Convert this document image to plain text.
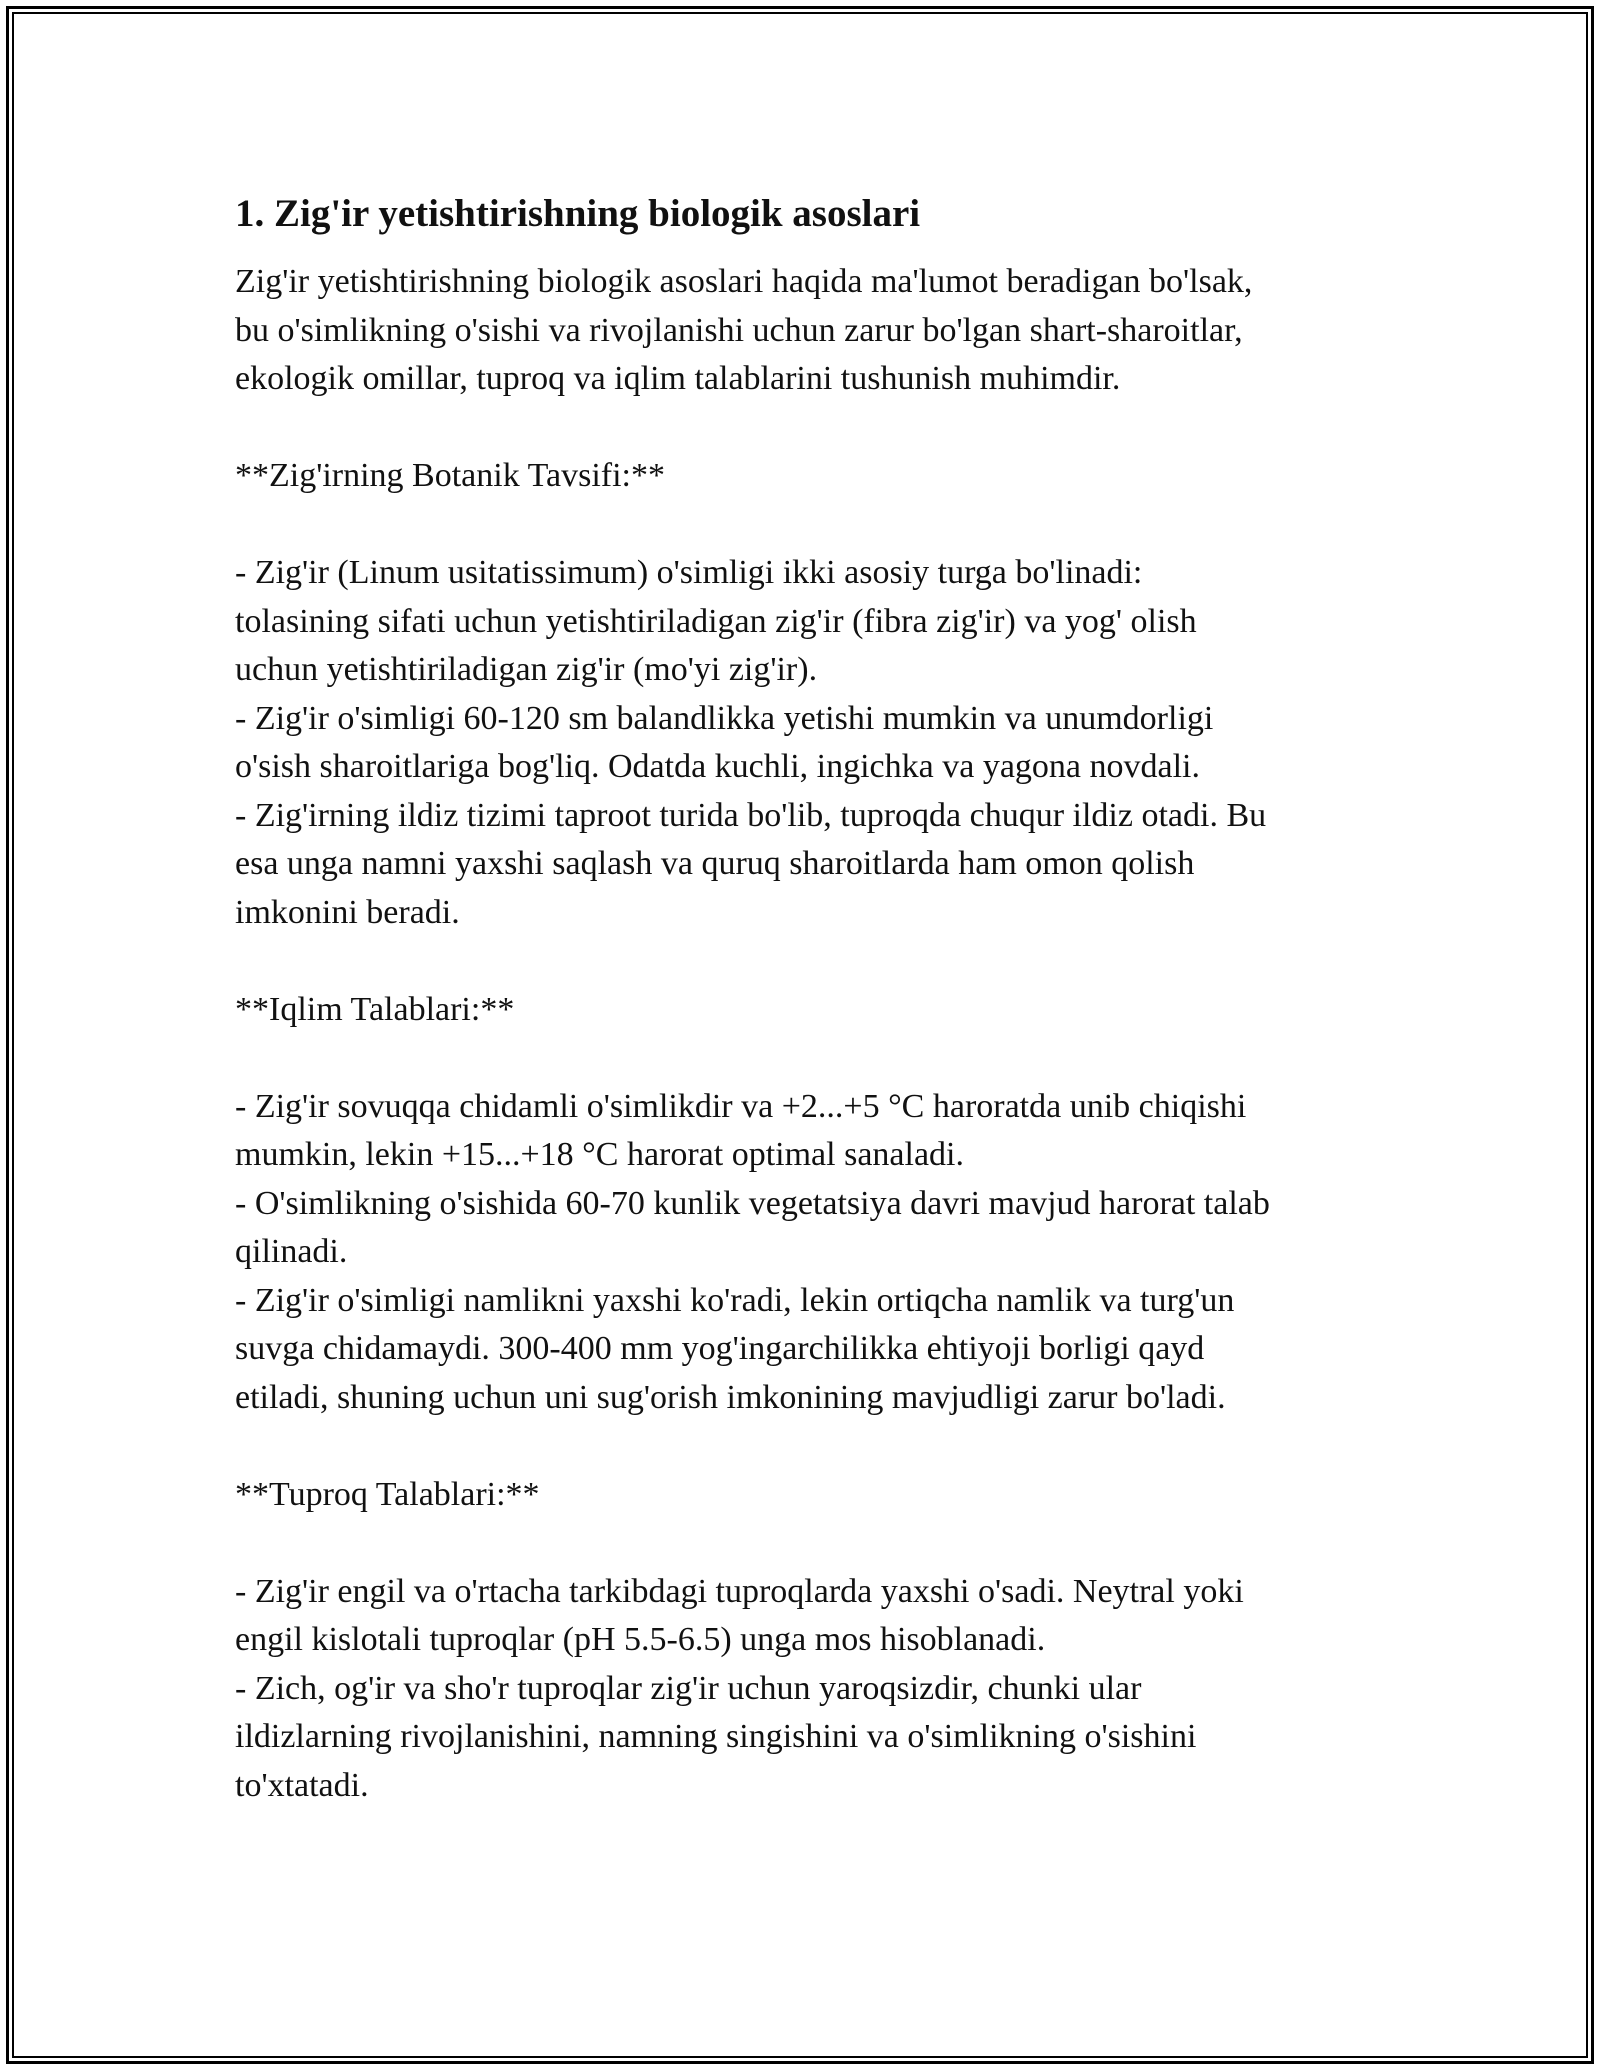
1. Zig'ir yetishtirishning biologik asoslari

Zig'ir yetishtirishning biologik asoslari haqida ma'lumot beradigan bo'lsak,
bu o'simlikning o'sishi va rivojlanishi uchun zarur bo'lgan shart-sharoitlar,
ekologik omillar, tuproq va iqlim talablarini tushunish muhimdir.

**Zig'irning Botanik Tavsifi:**

- Zig'ir (Linum usitatissimum) o'simligi ikki asosiy turga bo'linadi:
tolasining sifati uchun yetishtiriladigan zig'ir (fibra zig'ir) va yog' olish
uchun yetishtiriladigan zig'ir (mo'yi zig'ir).
- Zig'ir o'simligi 60-120 sm balandlikka yetishi mumkin va unumdorligi
o'sish sharoitlariga bog'liq. Odatda kuchli, ingichka va yagona novdali.
- Zig'irning ildiz tizimi taproot turida bo'lib, tuproqda chuqur ildiz otadi. Bu
esa unga namni yaxshi saqlash va quruq sharoitlarda ham omon qolish
imkonini beradi.

**Iqlim Talablari:**

- Zig'ir sovuqqa chidamli o'simlikdir va +2...+5 °C haroratda unib chiqishi
mumkin, lekin +15...+18 °C harorat optimal sanaladi.
- O'simlikning o'sishida 60-70 kunlik vegetatsiya davri mavjud harorat talab
qilinadi.
- Zig'ir o'simligi namlikni yaxshi ko'radi, lekin ortiqcha namlik va turg'un
suvga chidamaydi. 300-400 mm yog'ingarchilikka ehtiyoji borligi qayd
etiladi, shuning uchun uni sug'orish imkonining mavjudligi zarur bo'ladi.

**Tuproq Talablari:**

- Zig'ir engil va o'rtacha tarkibdagi tuproqlarda yaxshi o'sadi. Neytral yoki
engil kislotali tuproqlar (pH 5.5-6.5) unga mos hisoblanadi.
- Zich, og'ir va sho'r tuproqlar zig'ir uchun yaroqsizdir, chunki ular
ildizlarning rivojlanishini, namning singishini va o'simlikning o'sishini
to'xtatadi.
